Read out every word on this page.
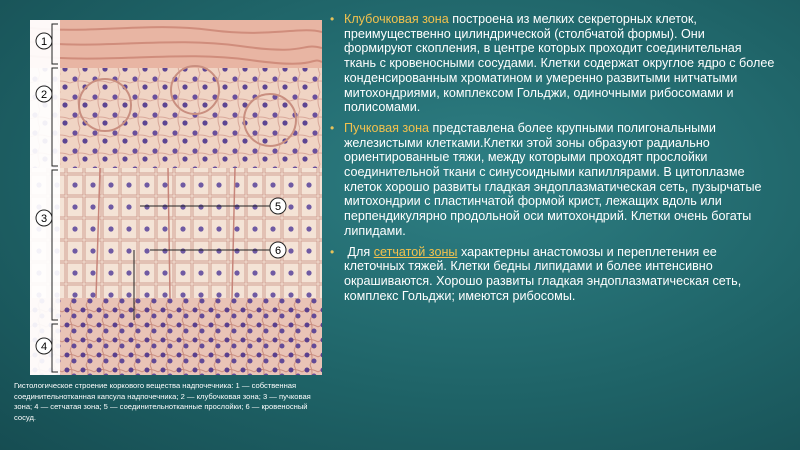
1
2
3
4
5
6
Гистологическое строение коркового вещества надпочечника: 1 — собственная соединительнотканная капсула надпочечника; 2 — клубочковая зона; 3 — пучковая зона; 4 — сетчатая зона; 5 — соединительнотканные прослойки; 6 — кровеносный сосуд.

• Клубочковая зона построена из мелких секреторных клеток, преимущественно цилиндрической (столбчатой формы). Они формируют скопления, в центре которых проходит соединительная ткань с кровеносными сосудами. Клетки содержат округлое ядро с более конденсированным хроматином и умеренно развитыми нитчатыми митохондриями, комплексом Гольджи, одиночными рибосомами и полисомами.

• Пучковая зона представлена более крупными полигональными железистыми клетками.Клетки этой зоны образуют радиально ориентированные тяжи, между которыми проходят прослойки соединительной ткани с синусоидными капиллярами. В цитоплазме клеток хорошо развиты гладкая эндоплазматическая сеть, пузырчатые митохондрии с пластинчатой формой крист, лежащих вдоль или перпендикулярно продольной оси митохондрий. Клетки очень богаты липидами.

• Для сетчатой зоны характерны анастомозы и переплетения ее клеточных тяжей. Клетки бедны липидами и более интенсивно окрашиваются. Хорошо развиты гладкая эндоплазматическая сеть, комплекс Гольджи; имеются рибосомы.
